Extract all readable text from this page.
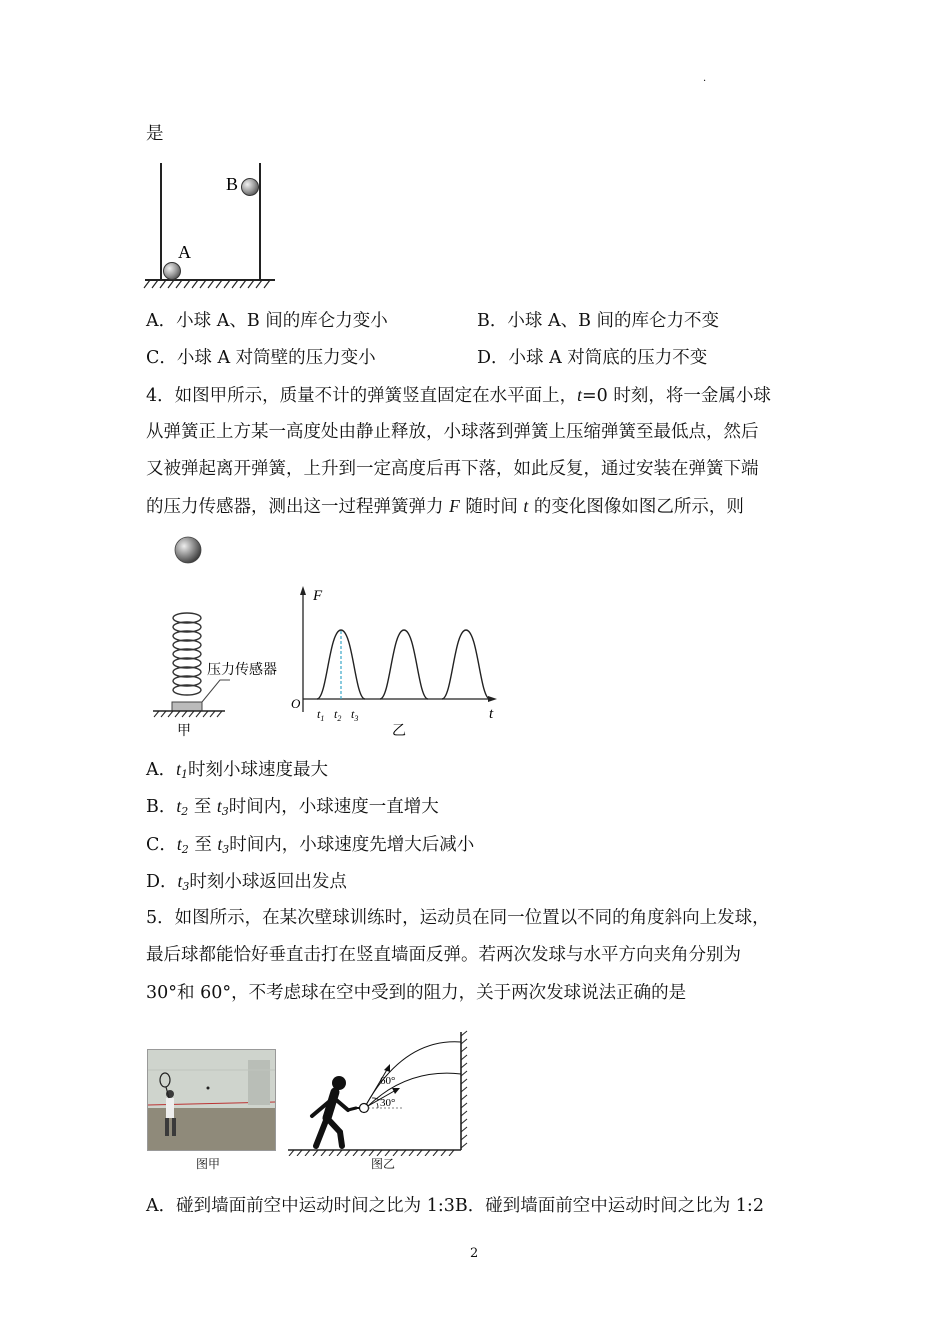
·
是
A
B
A．小球 A、B 间的库仑力变小	B．小球 A、B 间的库仑力不变
C．小球 A 对筒壁的压力变小	D．小球 A 对筒底的压力不变
4．如图甲所示，质量不计的弹簧竖直固定在水平面上，t=0 时刻，将一金属小球
从弹簧正上方某一高度处由静止释放，小球落到弹簧上压缩弹簧至最低点，然后
又被弹起离开弹簧，上升到一定高度后再下落，如此反复，通过安装在弹簧下端
的压力传感器，测出这一过程弹簧弹力 F 随时间 t 的变化图像如图乙所示，则
压力传感器
甲
F
t
O
$t_1$ $t_2$ $t_3$
乙
A．$t_1$时刻小球速度最大
B．$t_2$ 至 $t_3$时间内，小球速度一直增大
C．$t_2$ 至 $t_3$时间内，小球速度先增大后减小
D．$t_3$时刻小球返回出发点
5．如图所示，在某次壁球训练时，运动员在同一位置以不同的角度斜向上发球，
最后球都能恰好垂直击打在竖直墙面反弹。若两次发球与水平方向夹角分别为
30°和 60°，不考虑球在空中受到的阻力，关于两次发球说法正确的是
图甲
60°
30°
图乙
A．碰到墙面前空中运动时间之比为 1:3B．碰到墙面前空中运动时间之比为 1:2
2
